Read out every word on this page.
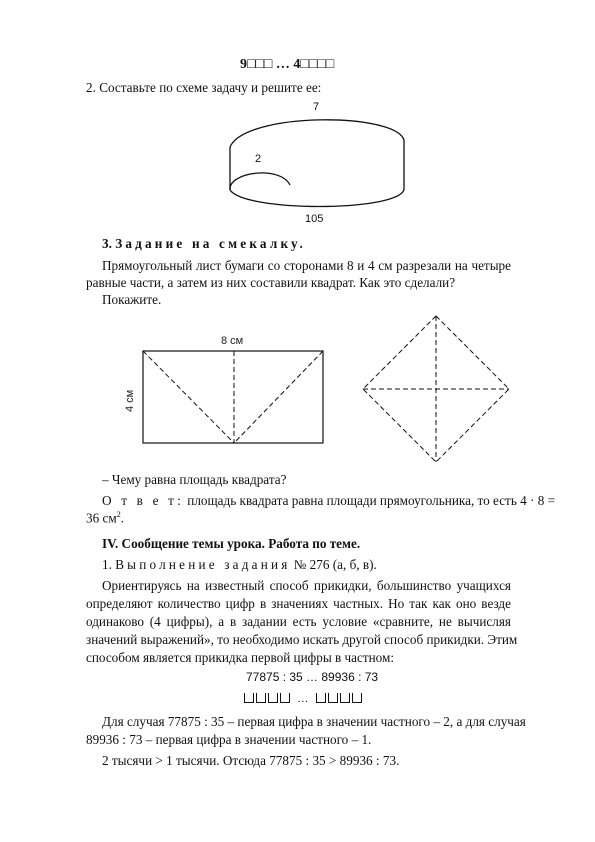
9□□□ … 4□□□□
2. Составьте по схеме задачу и решите ее:
7
2
105
3. Задание на смекалку.
Прямоугольный лист бумаги со сторонами 8 и 4 см разрезали на четыре
равные части, а затем из них составили квадрат. Как это сделали?
Покажите.
8 см
4 см
– Чему равна площадь квадрата?
О т в е т: площадь квадрата равна площади прямоугольника, то есть 4 · 8 =
36 $см^2$.
IV. Сообщение темы урока. Работа по теме.
1. Выполнение задания № 276 (а, б, в).
Ориентируясь на известный способ прикидки, большинство учащихся
определяют количество цифр в значениях частных. Но так как оно везде
одинаково (4 цифры), а в задании есть условие «сравните, не вычисляя
значений выражений», то необходимо искать другой способ прикидки. Этим
способом является прикидка первой цифры в частном:
77875 : 35 … 89936 : 73
…
Для случая 77875 : 35 – первая цифра в значении частного – 2, а для случая
89936 : 73 – первая цифра в значении частного – 1.
2 тысячи > 1 тысячи. Отсюда 77875 : 35 > 89936 : 73.
